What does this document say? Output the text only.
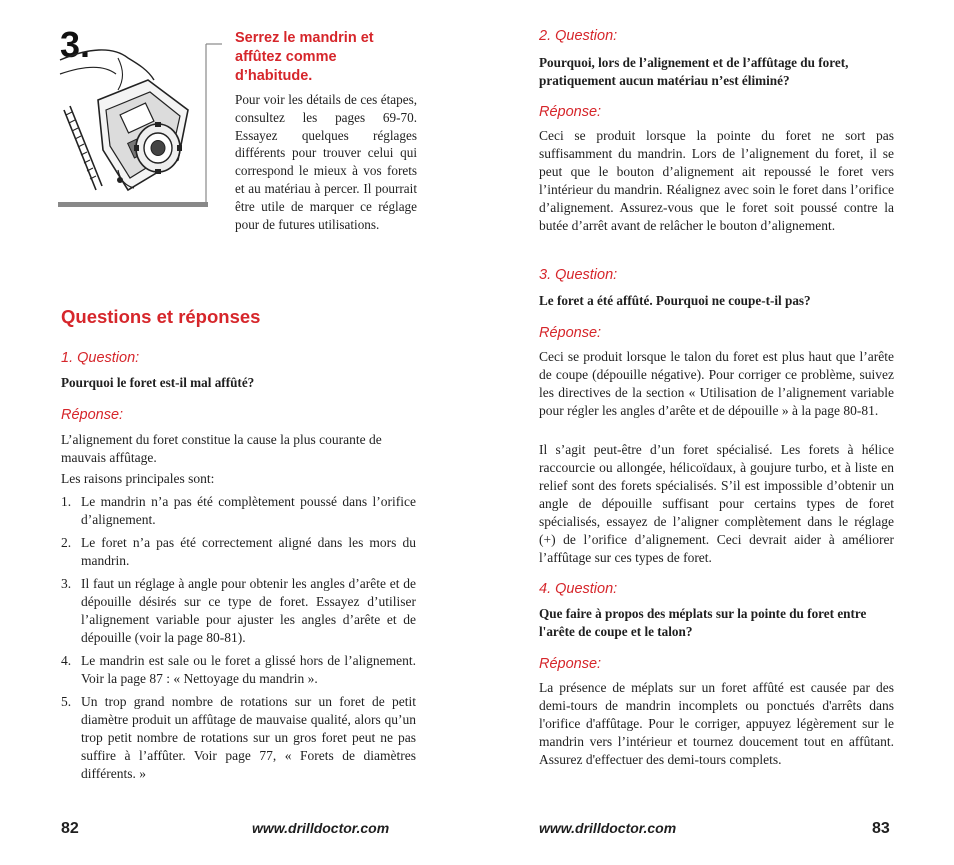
3.	Serrez le mandrin et affûtez comme d’habitude.
Pour voir les détails de ces étapes, consultez les pages 69-70. Essayez quelques réglages différents pour trouver celui qui correspond le mieux à vos forets et au matériau à percer. Il pourrait être utile de marquer ce réglage pour de futures utilisations.
Questions et réponses
1. Question:
Pourquoi le foret est-il mal affûté?
Réponse:
L’alignement du foret constitue la cause la plus courante de mauvais affûtage.
Les raisons principales sont:
1. Le mandrin n’a pas été complètement poussé dans l’orifice d’alignement.
2. Le foret n’a pas été correctement aligné dans les mors du mandrin.
3. Il faut un réglage à angle pour obtenir les angles d’arête et de dépouille désirés sur ce type de foret. Essayez d’utiliser l’alignement variable pour ajuster les angles d’arête et de dépouille (voir la page 80-81).
4. Le mandrin est sale ou le foret a glissé hors de l’alignement. Voir la page 87 : « Nettoyage du mandrin ».
5. Un trop grand nombre de rotations sur un foret de petit diamètre produit un affûtage de mauvaise qualité, alors qu’un trop petit nombre de rotations sur un gros foret peut ne pas suffire à l’affûter. Voir page 77, « Forets de diamètres différents. »
82	www.drilldoctor.com
2. Question:
Pourquoi, lors de l’alignement et de l’affûtage du foret, pratiquement aucun matériau n’est éliminé?
Réponse:
Ceci se produit lorsque la pointe du foret ne sort pas suffisamment du mandrin. Lors de l’alignement du foret, il se peut que le bouton d’alignement ait repoussé le foret vers l’intérieur du mandrin. Réalignez avec soin le foret dans l’orifice d’alignement. Assurez-vous que le foret soit poussé contre la butée d’arrêt avant de relâcher le bouton d’alignement.
3. Question:
Le foret a été affûté. Pourquoi ne coupe-t-il pas?
Réponse:
Ceci se produit lorsque le talon du foret est plus haut que l’arête de coupe (dépouille négative). Pour corriger ce problème, suivez les directives de la section « Utilisation de l’alignement variable pour régler les angles d’arête et de dépouille » à la page 80-81.
Il s’agit peut-être d’un foret spécialisé. Les forets à hélice raccourcie ou allongée, hélicoïdaux, à goujure turbo, et à liste en relief sont des forets spécialisés. S’il est impossible d’obtenir un angle de dépouille suffisant pour certains types de foret spécialisés, essayez de l’aligner complètement dans le réglage (+) de l’orifice d’alignement. Ceci devrait aider à améliorer l’affûtage sur ces types de foret.
4. Question:
Que faire à propos des méplats sur la pointe du foret entre l'arête de coupe et le talon?
Réponse:
La présence de méplats sur un foret affûté est causée par des demi-tours de mandrin incomplets ou ponctués d'arrêts dans l'orifice d'affûtage. Pour le corriger, appuyez légèrement sur le mandrin vers l’intérieur et tournez doucement tout en affûtant. Assurez d'effectuer des demi-tours complets.
www.drilldoctor.com	83
